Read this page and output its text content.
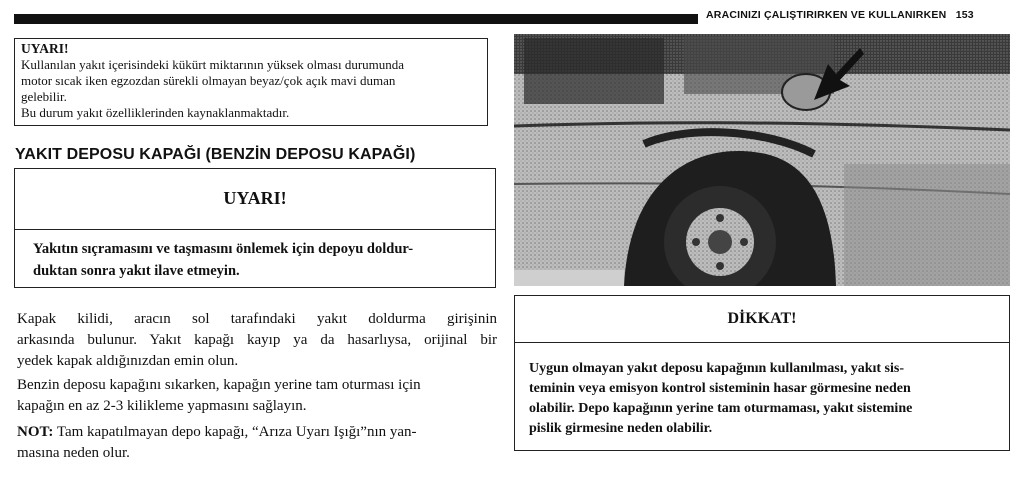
ARACINIZI ÇALIŞTIRIRKEN VE KULLANIRKEN 153
UYARI!
Kullanılan yakıt içerisindeki kükürt miktarının yüksek olması durumunda
motor sıcak iken egzozdan sürekli olmayan beyaz/çok açık mavi duman
gelebilir.
Bu durum yakıt özelliklerinden kaynaklanmaktadır.
YAKIT DEPOSU KAPAĞI (BENZİN DEPOSU KAPAĞI)
UYARI!
Yakıtın sıçramasını ve taşmasını önlemek için depoyu doldur-
duktan sonra yakıt ilave etmeyin.
Kapak kilidi, aracın sol tarafındaki yakıt doldurma girişinin
arkasında bulunur. Yakıt kapağı kayıp ya da hasarlıysa, orijinal bir
yedek kapak aldığınızdan emin olun.
Benzin deposu kapağını sıkarken, kapağın yerine tam oturması için
kapağın en az 2-3 kilikleme yapmasını sağlayın.
NOT: Tam kapatılmayan depo kapağı, “Arıza Uyarı Işığı”nın yan-
masına neden olur.
DİKKAT!
Uygun olmayan yakıt deposu kapağının kullanılması, yakıt sis-
teminin veya emisyon kontrol sisteminin hasar görmesine neden
olabilir. Depo kapağının yerine tam oturmaması, yakıt sistemine
pislik girmesine neden olabilir.
